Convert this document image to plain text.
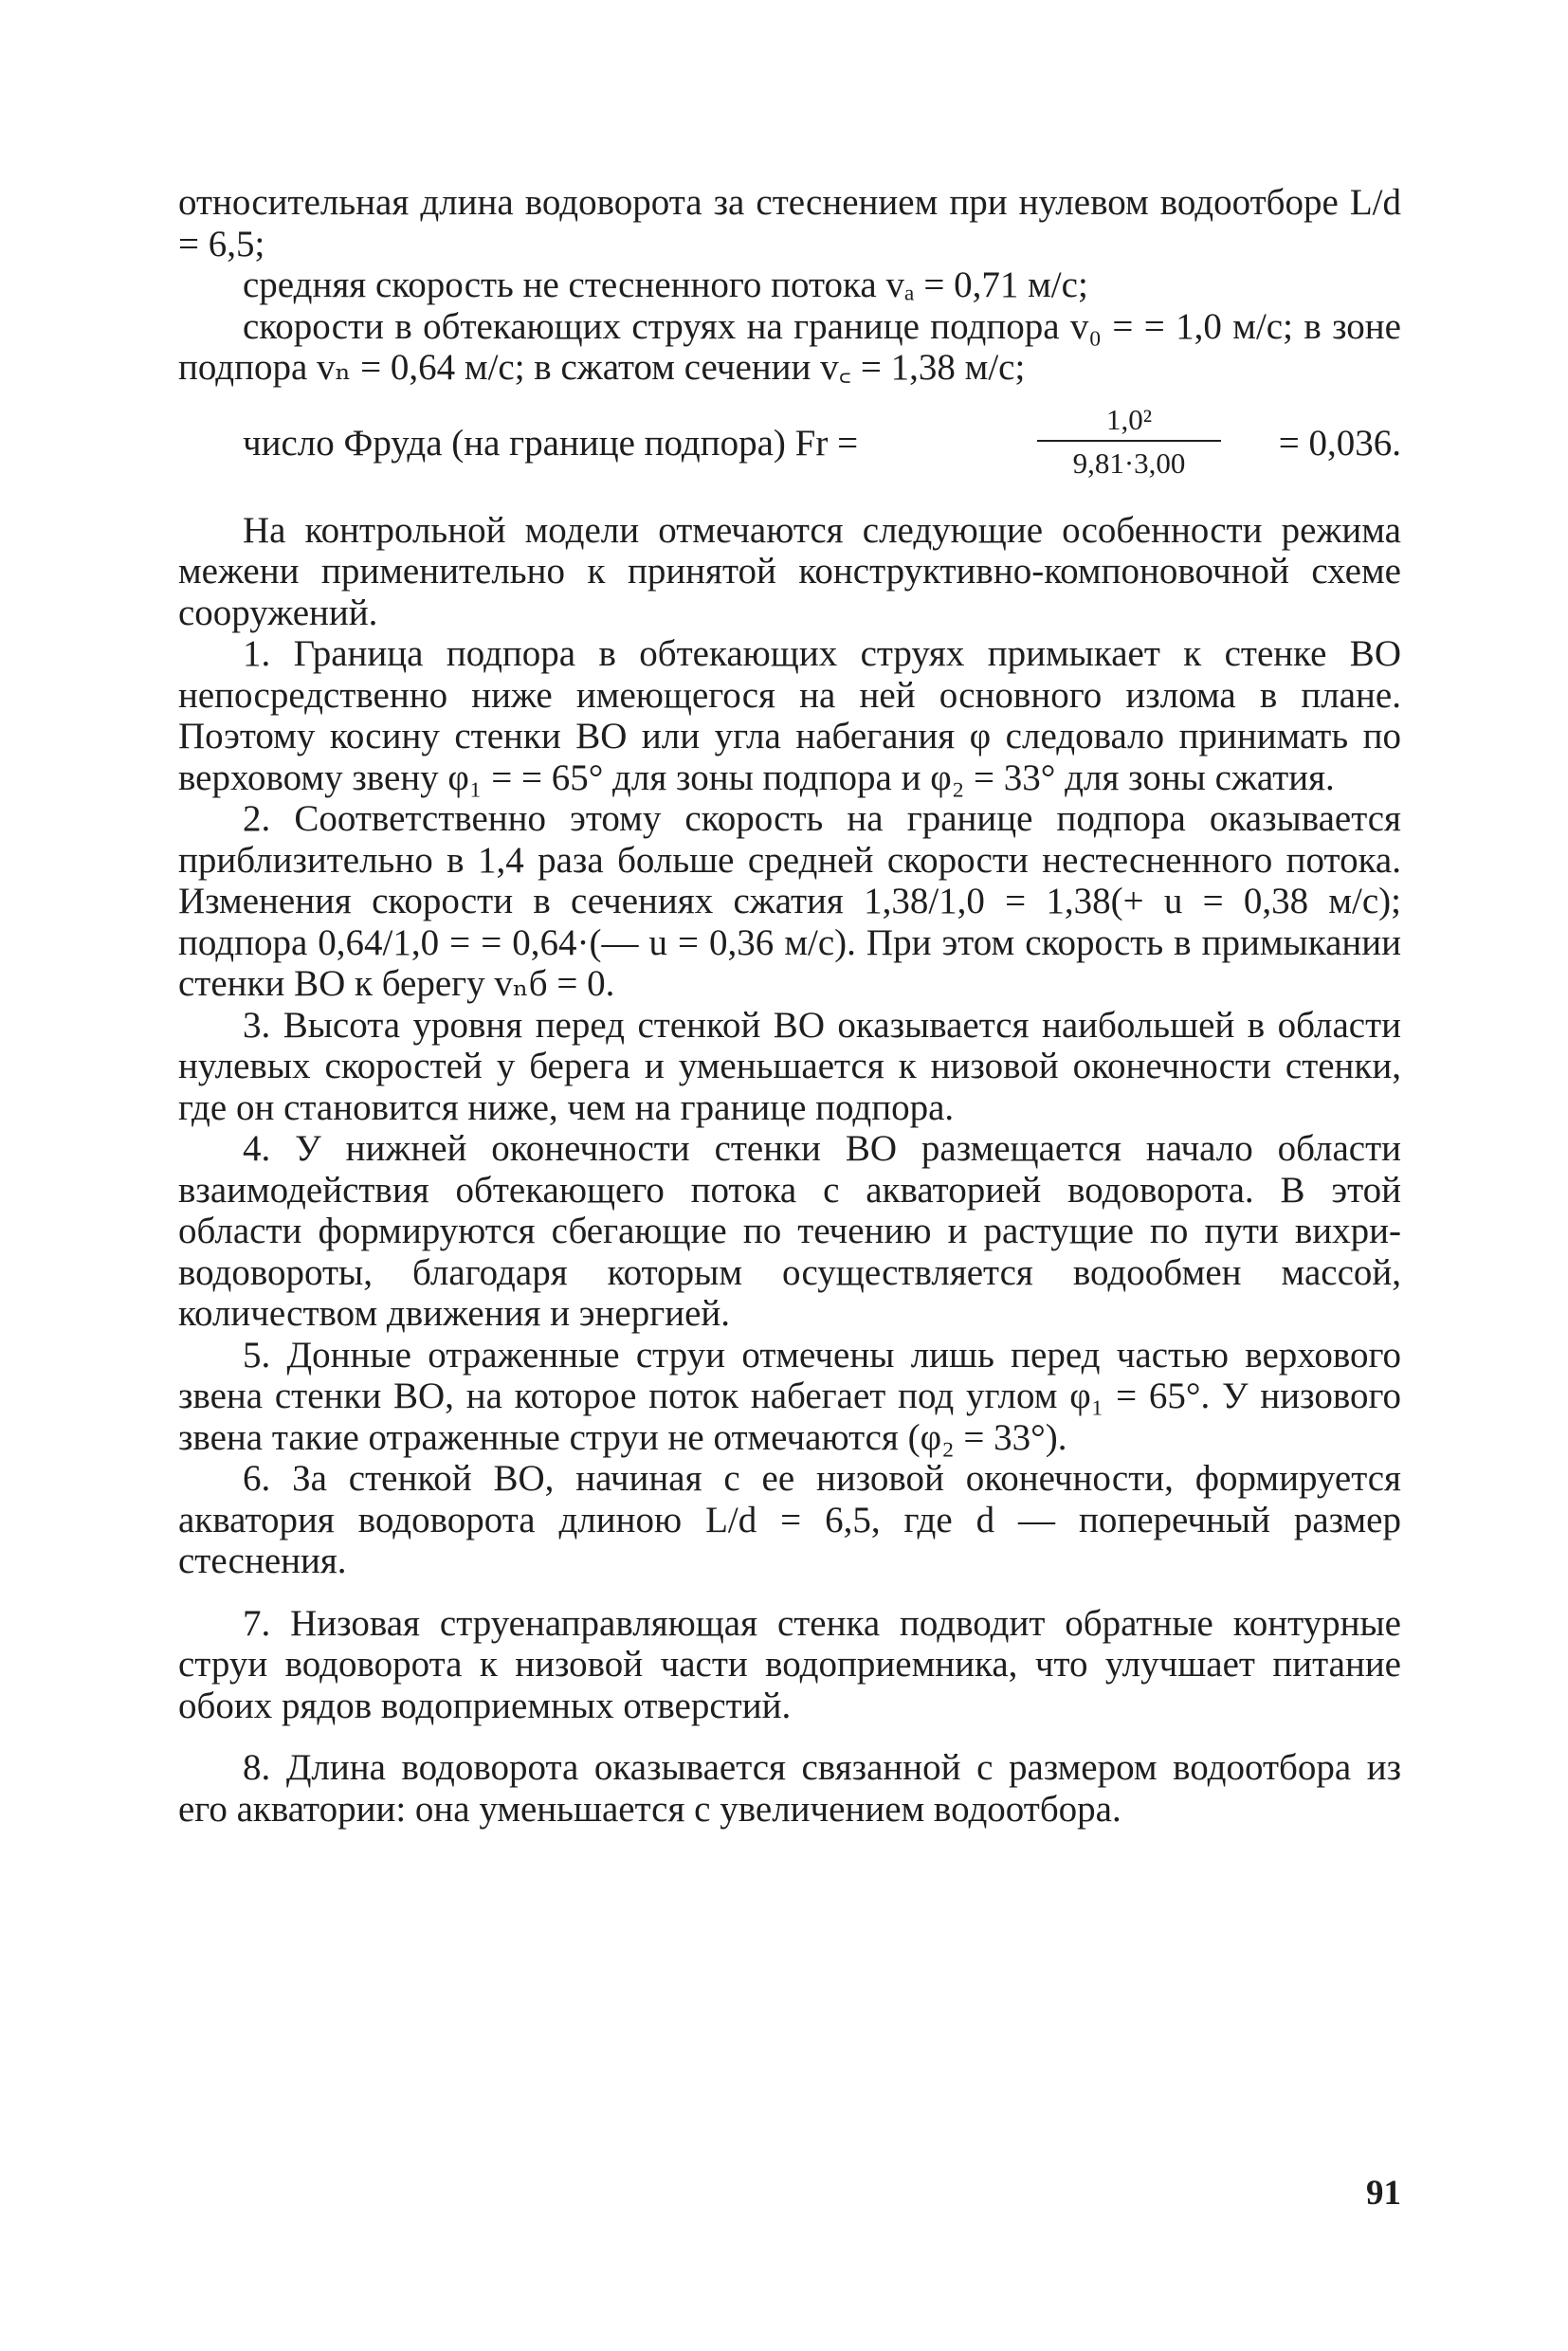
относительная длина водоворота за стеснением при нулевом водоотборе L/d = 6,5;

средняя скорость не стесненного потока vₐ = 0,71 м/с;

скорости в обтекающих струях на границе подпора v₀ = = 1,0 м/с; в зоне подпора vₙ = 0,64 м/с; в сжатом сечении v꜀ = 1,38 м/с;

число Фруда (на границе подпора) Fr =
1,0²
9,81·3,00	= 0,036.

На контрольной модели отмечаются следующие особенности режима межени применительно к принятой конструктивно-компоновочной схеме сооружений.

1. Граница подпора в обтекающих струях примыкает к стенке ВО непосредственно ниже имеющегося на ней основного излома в плане. Поэтому косину стенки ВО или угла набегания φ следовало принимать по верховому звену φ₁ = = 65° для зоны подпора и φ₂ = 33° для зоны сжатия.

2. Соответственно этому скорость на границе подпора оказывается приблизительно в 1,4 раза больше средней скорости нестесненного потока. Изменения скорости в сечениях сжатия 1,38/1,0 = 1,38(+ u = 0,38 м/с); подпора 0,64/1,0 = = 0,64·(— u = 0,36 м/с). При этом скорость в примыкании стенки ВО к берегу vₙб = 0.

3. Высота уровня перед стенкой ВО оказывается наибольшей в области нулевых скоростей у берега и уменьшается к низовой оконечности стенки, где он становится ниже, чем на границе подпора.

4. У нижней оконечности стенки ВО размещается начало области взаимодействия обтекающего потока с акваторией водоворота. В этой области формируются сбегающие по течению и растущие по пути вихри-водовороты, благодаря которым осуществляется водообмен массой, количеством движения и энергией.

5. Донные отраженные струи отмечены лишь перед частью верхового звена стенки ВО, на которое поток набегает под углом φ₁ = 65°. У низового звена такие отраженные струи не отмечаются (φ₂ = 33°).

6. За стенкой ВО, начиная с ее низовой оконечности, формируется акватория водоворота длиною L/d = 6,5, где d — поперечный размер стеснения.

7. Низовая струенаправляющая стенка подводит обратные контурные струи водоворота к низовой части водоприемника, что улучшает питание обоих рядов водоприемных отверстий.

8. Длина водоворота оказывается связанной с размером водоотбора из его акватории: она уменьшается с увеличением водоотбора.

91
